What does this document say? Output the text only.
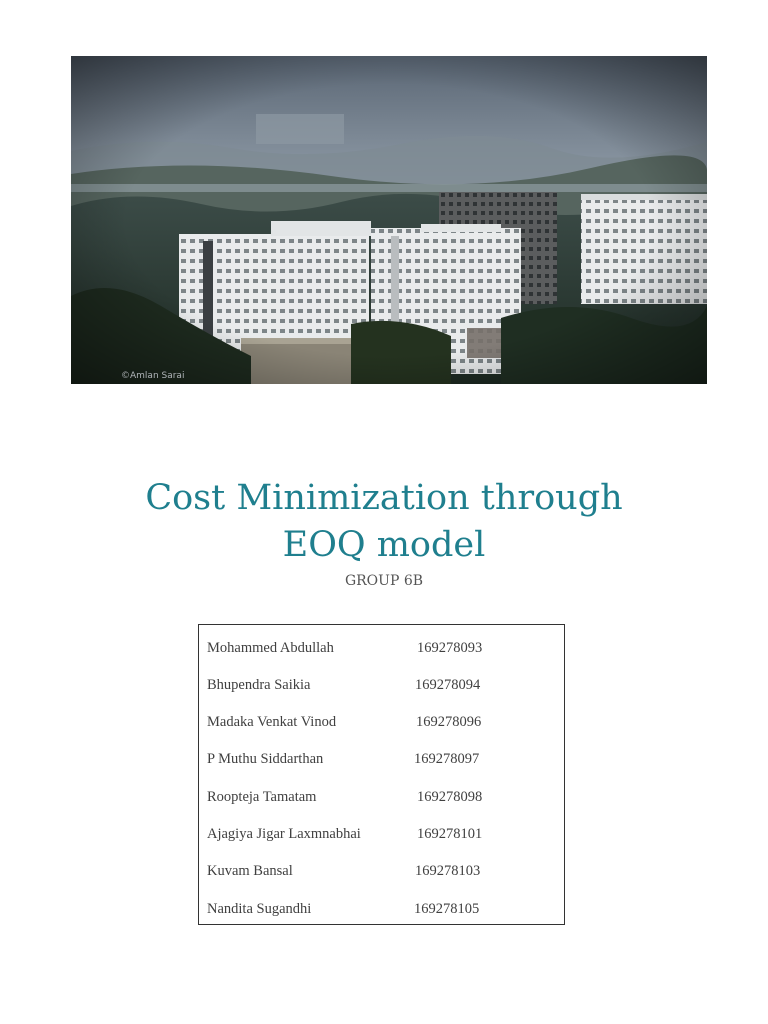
©Amlan Sarai
Cost Minimization through
EOQ model
GROUP 6B
Mohammed Abdullah	169278093
Bhupendra Saikia	169278094
Madaka Venkat Vinod	169278096
P Muthu Siddarthan	169278097
Roopteja Tamatam	169278098
Ajagiya Jigar Laxmnabhai	169278101
Kuvam Bansal	169278103
Nandita Sugandhi	169278105
